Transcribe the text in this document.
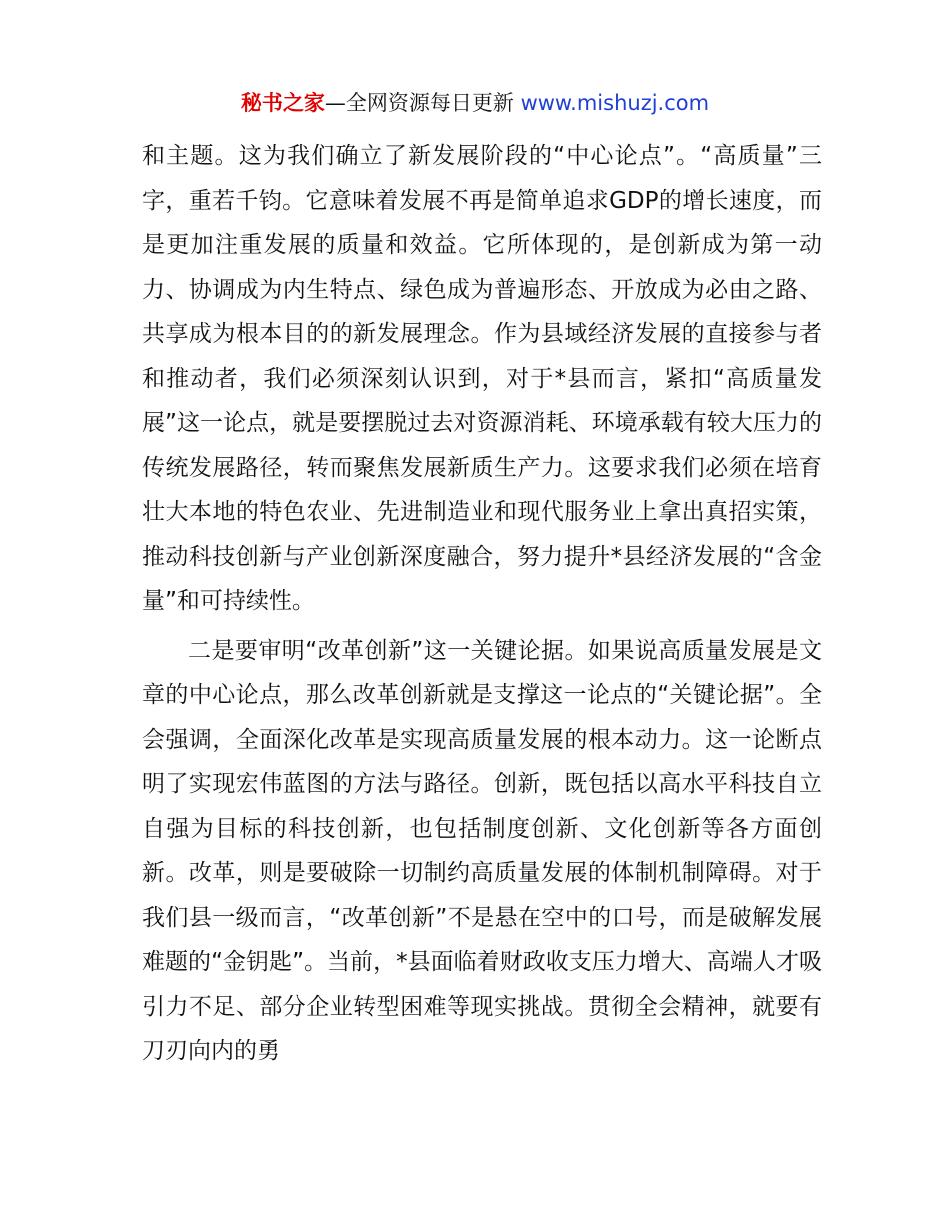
秘书之家—全网资源每日更新 www.mishuzj.com

和主题。这为我们确立了新发展阶段的“中心论点”。“高质量”三字，重若千钧。它意味着发展不再是简单追求GDP的增长速度，而是更加注重发展的质量和效益。它所体现的，是创新成为第一动力、协调成为内生特点、绿色成为普遍形态、开放成为必由之路、共享成为根本目的的新发展理念。作为县域经济发展的直接参与者和推动者，我们必须深刻认识到，对于*县而言，紧扣“高质量发展”这一论点，就是要摆脱过去对资源消耗、环境承载有较大压力的传统发展路径，转而聚焦发展新质生产力。这要求我们必须在培育壮大本地的特色农业、先进制造业和现代服务业上拿出真招实策，推动科技创新与产业创新深度融合，努力提升*县经济发展的“含金量”和可持续性。

二是要审明“改革创新”这一关键论据。如果说高质量发展是文章的中心论点，那么改革创新就是支撑这一论点的“关键论据”。全会强调，全面深化改革是实现高质量发展的根本动力。这一论断点明了实现宏伟蓝图的方法与路径。创新，既包括以高水平科技自立自强为目标的科技创新，也包括制度创新、文化创新等各方面创新。改革，则是要破除一切制约高质量发展的体制机制障碍。对于我们县一级而言，“改革创新”不是悬在空中的口号，而是破解发展难题的“金钥匙”。当前，*县面临着财政收支压力增大、高端人才吸引力不足、部分企业转型困难等现实挑战。贯彻全会精神，就要有刀刃向内的勇
